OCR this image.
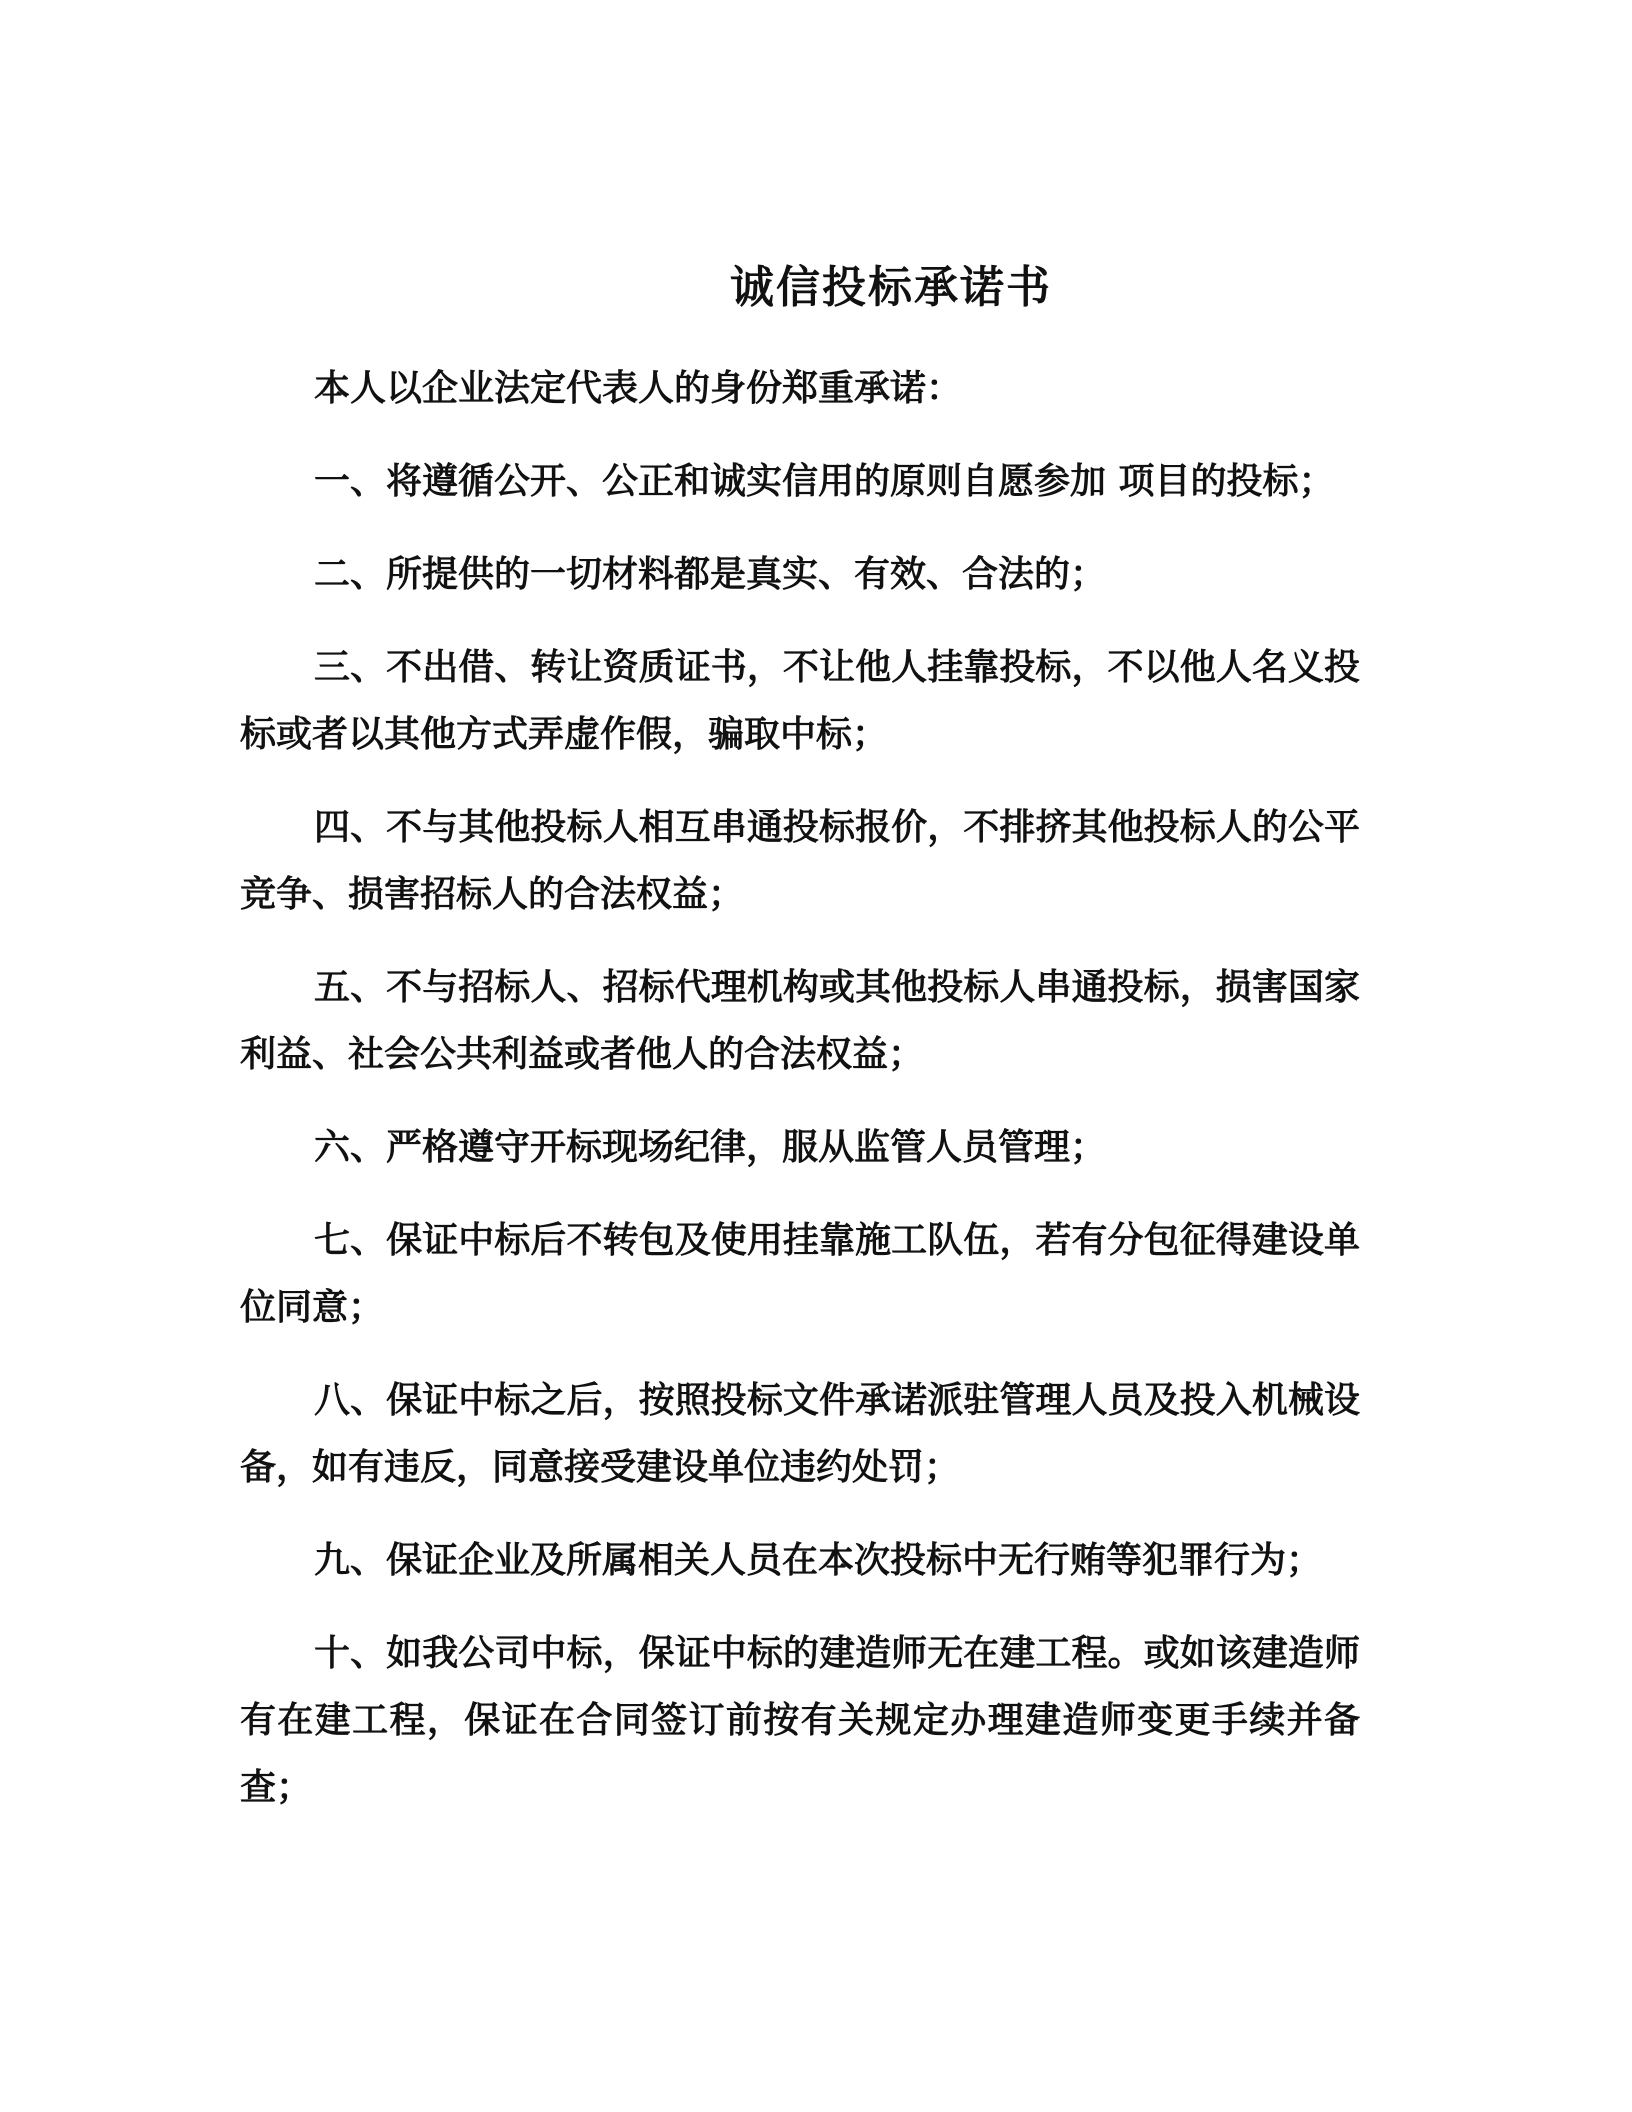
诚信投标承诺书

本人以企业法定代表人的身份郑重承诺：

一、将遵循公开、公正和诚实信用的原则自愿参加 项目的投标；

二、所提供的一切材料都是真实、有效、合法的；

三、不出借、转让资质证书，不让他人挂靠投标，不以他人名义投标或者以其他方式弄虚作假，骗取中标；

四、不与其他投标人相互串通投标报价，不排挤其他投标人的公平竞争、损害招标人的合法权益；

五、不与招标人、招标代理机构或其他投标人串通投标，损害国家利益、社会公共利益或者他人的合法权益；

六、严格遵守开标现场纪律，服从监管人员管理；

七、保证中标后不转包及使用挂靠施工队伍，若有分包征得建设单位同意；

八、保证中标之后，按照投标文件承诺派驻管理人员及投入机械设备，如有违反，同意接受建设单位违约处罚；

九、保证企业及所属相关人员在本次投标中无行贿等犯罪行为；

十、如我公司中标，保证中标的建造师无在建工程。或如该建造师有在建工程，保证在合同签订前按有关规定办理建造师变更手续并备查；
